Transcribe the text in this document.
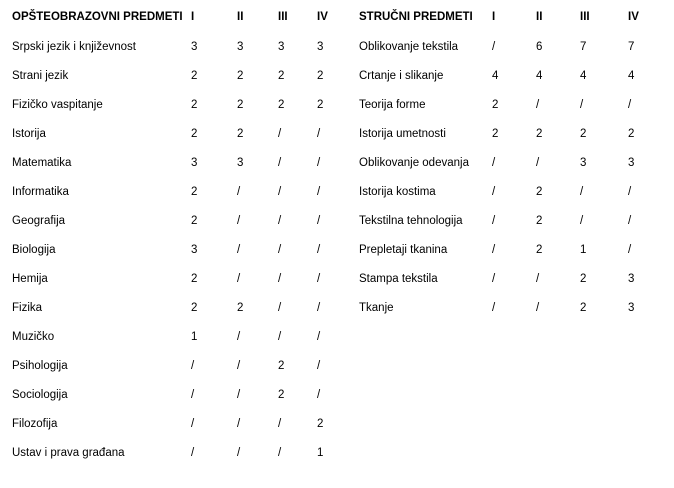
OPŠTEOBRAZOVNI PREDMETI	I	II	III	IV
Srpski jezik i književnost	3	3	3	3
Strani jezik	2	2	2	2
Fizičko vaspitanje	2	2	2	2
Istorija	2	2	/	/
Matematika	3	3	/	/
Informatika	2	/	/	/
Geografija	2	/	/	/
Biologija	3	/	/	/
Hemija	2	/	/	/
Fizika	2	2	/	/
Muzičko	1	/	/	/
Psihologija	/	/	2	/
Sociologija	/	/	2	/
Filozofija	/	/	/	2
Ustav i prava građana	/	/	/	1
STRUČNI PREDMETI	I	II	III	IV
Oblikovanje tekstila	/	6	7	7
Crtanje i slikanje	4	4	4	4
Teorija forme	2	/	/	/
Istorija umetnosti	2	2	2	2
Oblikovanje odevanja	/	/	3	3
Istorija kostima	/	2	/	/
Tekstilna tehnologija	/	2	/	/
Prepletaji tkanina	/	2	1	/
Stampa tekstila	/	/	2	3
Tkanje	/	/	2	3
